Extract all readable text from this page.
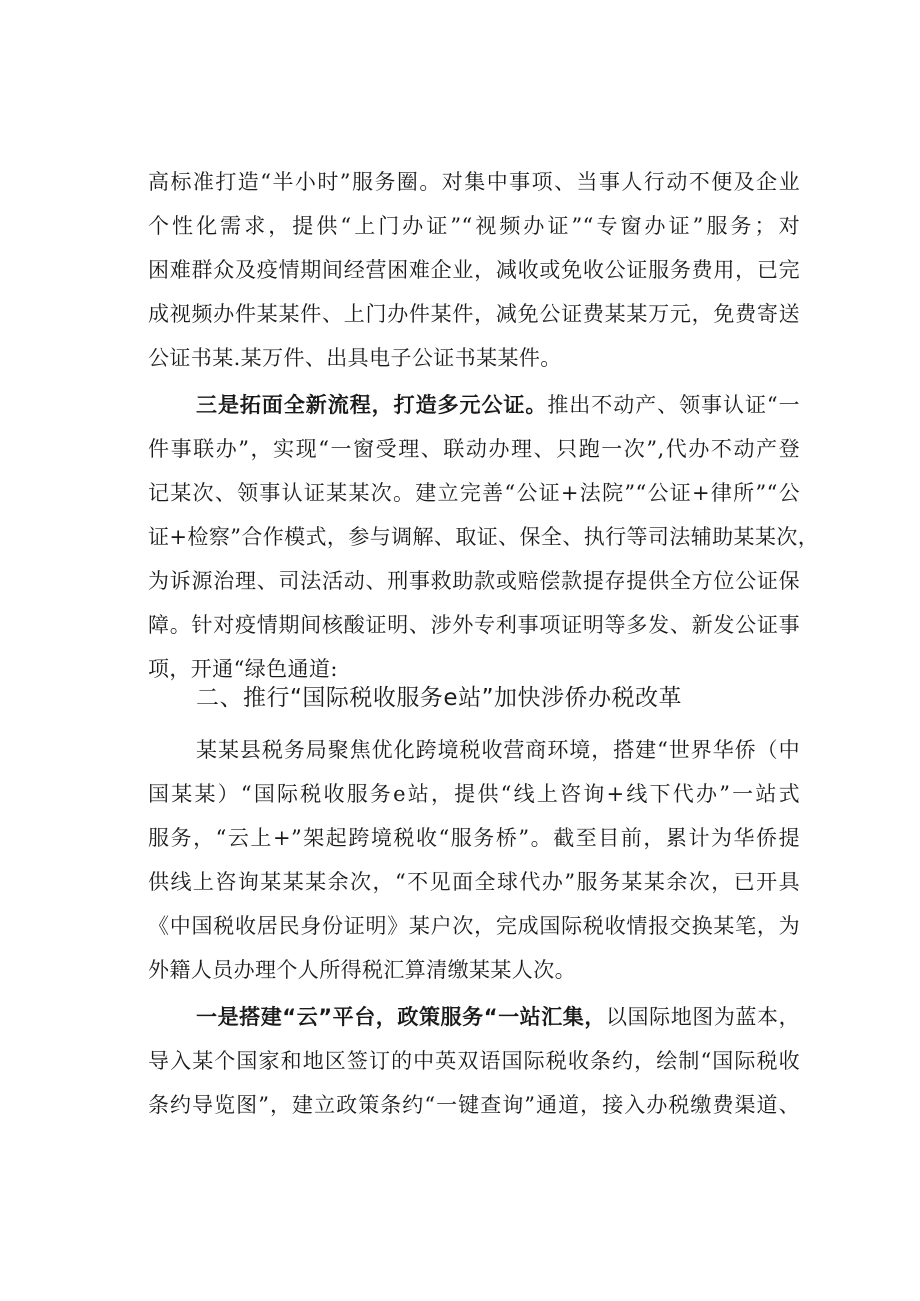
高标准打造“半小时”服务圈。对集中事项、当事人行动不便及企业
个性化需求，提供“上门办证”“视频办证”“专窗办证”服务；对
困难群众及疫情期间经营困难企业，减收或免收公证服务费用，已完
成视频办件某某件、上门办件某件，减免公证费某某万元，免费寄送
公证书某.某万件、出具电子公证书某某件。
三是拓面全新流程，打造多元公证。推出不动产、领事认证“一
件事联办”，实现“一窗受理、联动办理、只跑一次”,代办不动产登
记某次、领事认证某某次。建立完善“公证+法院”“公证+律所”“公
证+检察”合作模式，参与调解、取证、保全、执行等司法辅助某某次，
为诉源治理、司法活动、刑事救助款或赔偿款提存提供全方位公证保
障。针对疫情期间核酸证明、涉外专利事项证明等多发、新发公证事
项，开通“绿色通道:
二、推行“国际税收服务e站”加快涉侨办税改革
某某县税务局聚焦优化跨境税收营商环境，搭建“世界华侨（中
国某某）“国际税收服务e站，提供“线上咨询+线下代办”一站式
服务，“云上+”架起跨境税收“服务桥”。截至目前，累计为华侨提
供线上咨询某某某余次，“不见面全球代办”服务某某余次，已开具
《中国税收居民身份证明》某户次，完成国际税收情报交换某笔，为
外籍人员办理个人所得税汇算清缴某某人次。
一是搭建“云”平台，政策服务“一站汇集，以国际地图为蓝本，
导入某个国家和地区签订的中英双语国际税收条约，绘制“国际税收
条约导览图”，建立政策条约“一键查询”通道，接入办税缴费渠道、
